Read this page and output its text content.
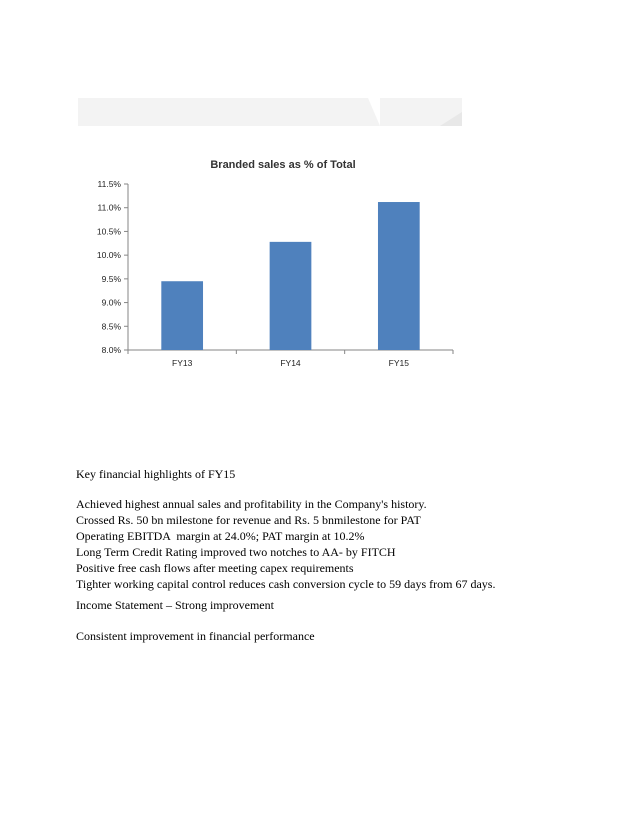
Branded sales as % of Total
8.0%
8.5%
9.0%
9.5%
10.0%
10.5%
11.0%
11.5%
FY13	FY14	FY15

Key financial highlights of FY15

Achieved highest annual sales and profitability in the Company's history.

Crossed Rs. 50 bn milestone for revenue and Rs. 5 bnmilestone for PAT

Operating EBITDA  margin at 24.0%; PAT margin at 10.2%

Long Term Credit Rating improved two notches to AA- by FITCH

Positive free cash flows after meeting capex requirements

Tighter working capital control reduces cash conversion cycle to 59 days from 67 days.

Income Statement – Strong improvement

Consistent improvement in financial performance
